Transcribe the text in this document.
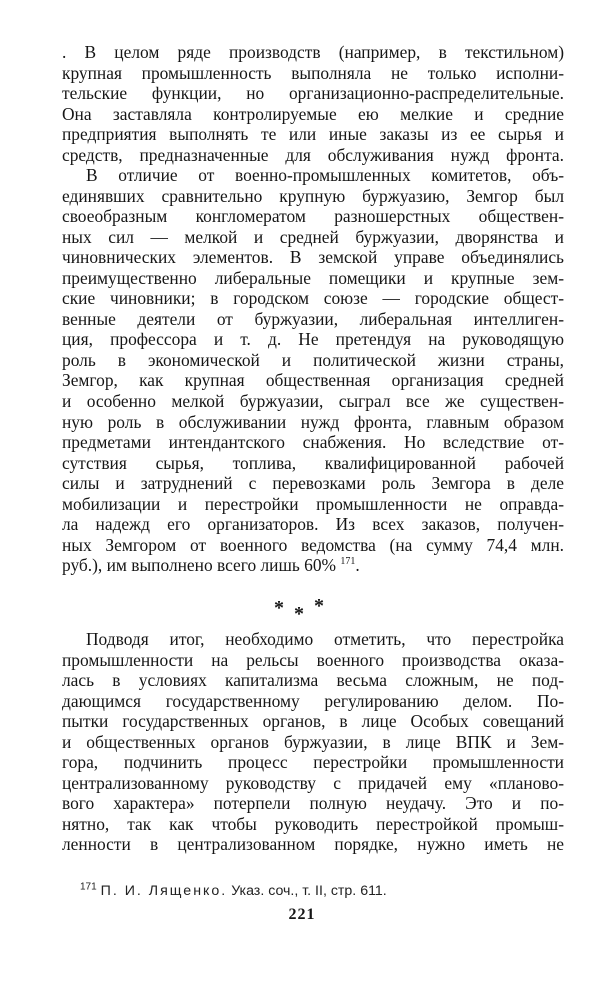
. В целом ряде производств (например, в текстильном)
крупная промышленность выполняла не только исполни-
тельские функции, но организационно-распределительные.
Она заставляла контролируемые ею мелкие и средние
предприятия выполнять те или иные заказы из ее сырья и
средств, предназначенные для обслуживания нужд фронта.
В отличие от военно-промышленных комитетов, объ-
единявших сравнительно крупную буржуазию, Земгор был
своеобразным конгломератом разношерстных обществен-
ных сил — мелкой и средней буржуазии, дворянства и
чиновнических элементов. В земской управе объединялись
преимущественно либеральные помещики и крупные зем-
ские чиновники; в городском союзе — городские общест-
венные деятели от буржуазии, либеральная интеллиген-
ция, профессора и т. д. Не претендуя на руководящую
роль в экономической и политической жизни страны,
Земгор, как крупная общественная организация средней
и особенно мелкой буржуазии, сыграл все же существен-
ную роль в обслуживании нужд фронта, главным образом
предметами интендантского снабжения. Но вследствие от-
сутствия сырья, топлива, квалифицированной рабочей
силы и затруднений с перевозками роль Земгора в деле
мобилизации и перестройки промышленности не оправда-
ла надежд его организаторов. Из всех заказов, получен-
ных Земгором от военного ведомства (на сумму 74,4 млн.
руб.), им выполнено всего лишь 60% $^{171}$.
* * *
Подводя итог, необходимо отметить, что перестройка
промышленности на рельсы военного производства оказа-
лась в условиях капитализма весьма сложным, не под-
дающимся государственному регулированию делом. По-
пытки государственных органов, в лице Особых совещаний
и общественных органов буржуазии, в лице ВПК и Зем-
гора, подчинить процесс перестройки промышленности
централизованному руководству с придачей ему «планово-
вого характера» потерпели полную неудачу. Это и по-
нятно, так как чтобы руководить перестройкой промыш-
ленности в централизованном порядке, нужно иметь не
$^{171}$ П. И. Лященко. Указ. соч., т. II, стр. 611.
221
